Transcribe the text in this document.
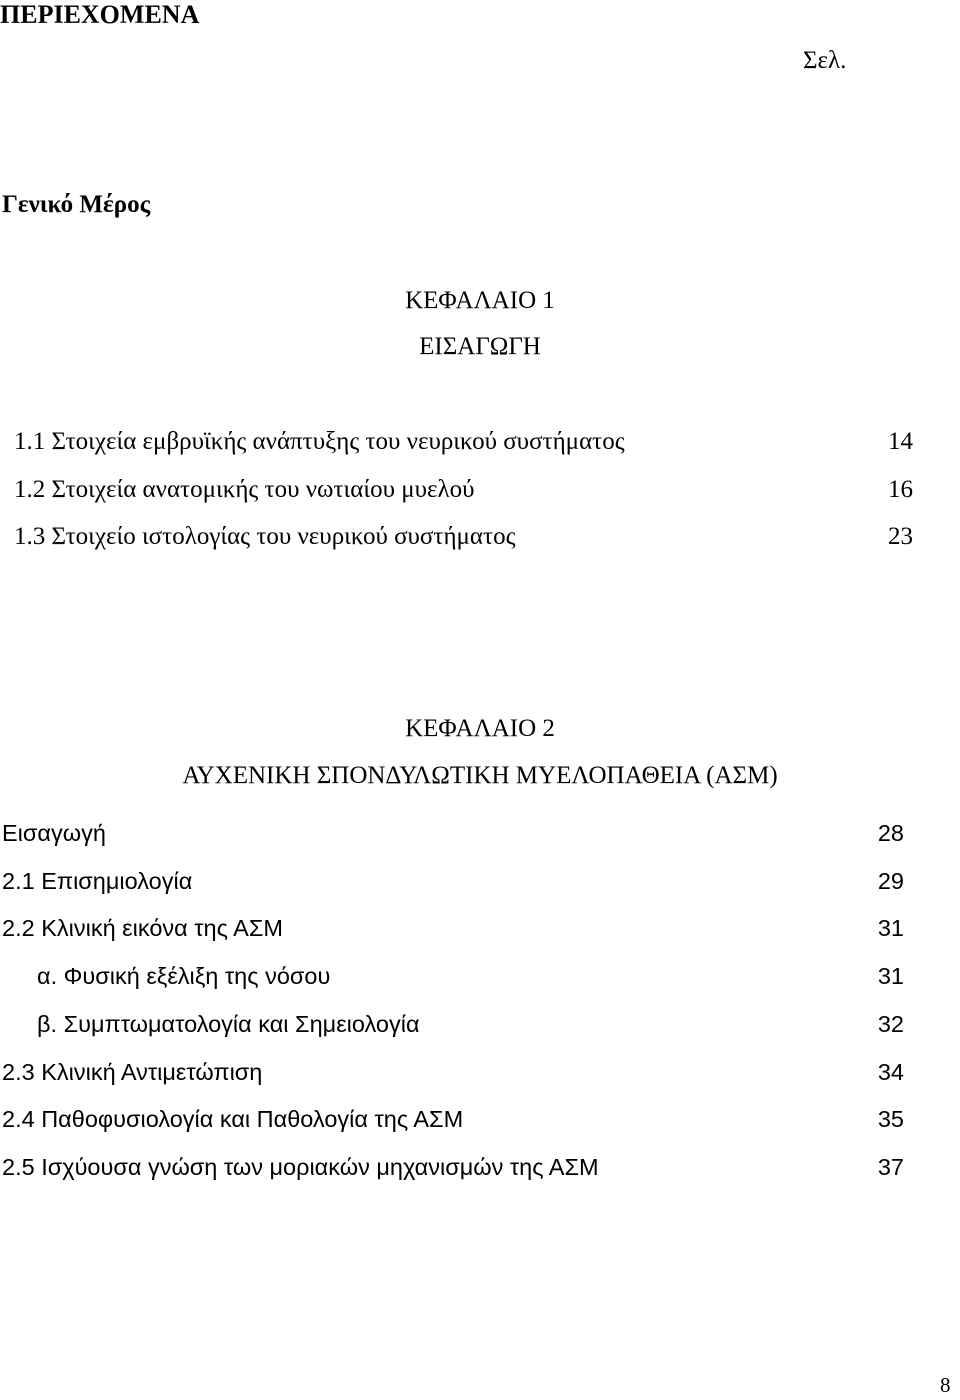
ΠΕΡΙΕΧΟΜΕΝΑ
Σελ.
Γενικό Μέρος
ΚΕΦΑΛΑΙΟ 1
ΕΙΣΑΓΩΓΗ
1.1 Στοιχεία εμβρυϊκής ανάπτυξης του νευρικού συστήματος	14
1.2 Στοιχεία ανατομικής του νωτιαίου μυελού	16
1.3 Στοιχείο ιστολογίας του νευρικού συστήματος	23
ΚΕΦΑΛΑΙΟ 2
ΑΥΧΕΝΙΚΗ ΣΠΟΝΔΥΛΩΤΙΚΗ ΜΥΕΛΟΠΑΘΕΙΑ (ΑΣΜ)
Εισαγωγή	28
2.1 Επισημιολογία	29
2.2 Κλινική εικόνα της ΑΣΜ	31
α. Φυσική εξέλιξη της νόσου	31
β. Συμπτωματολογία και Σημειολογία	32
2.3 Κλινική Αντιμετώπιση	34
2.4 Παθοφυσιολογία και Παθολογία της ΑΣΜ	35
2.5 Ισχύουσα γνώση των μοριακών μηχανισμών της ΑΣΜ	37
8
